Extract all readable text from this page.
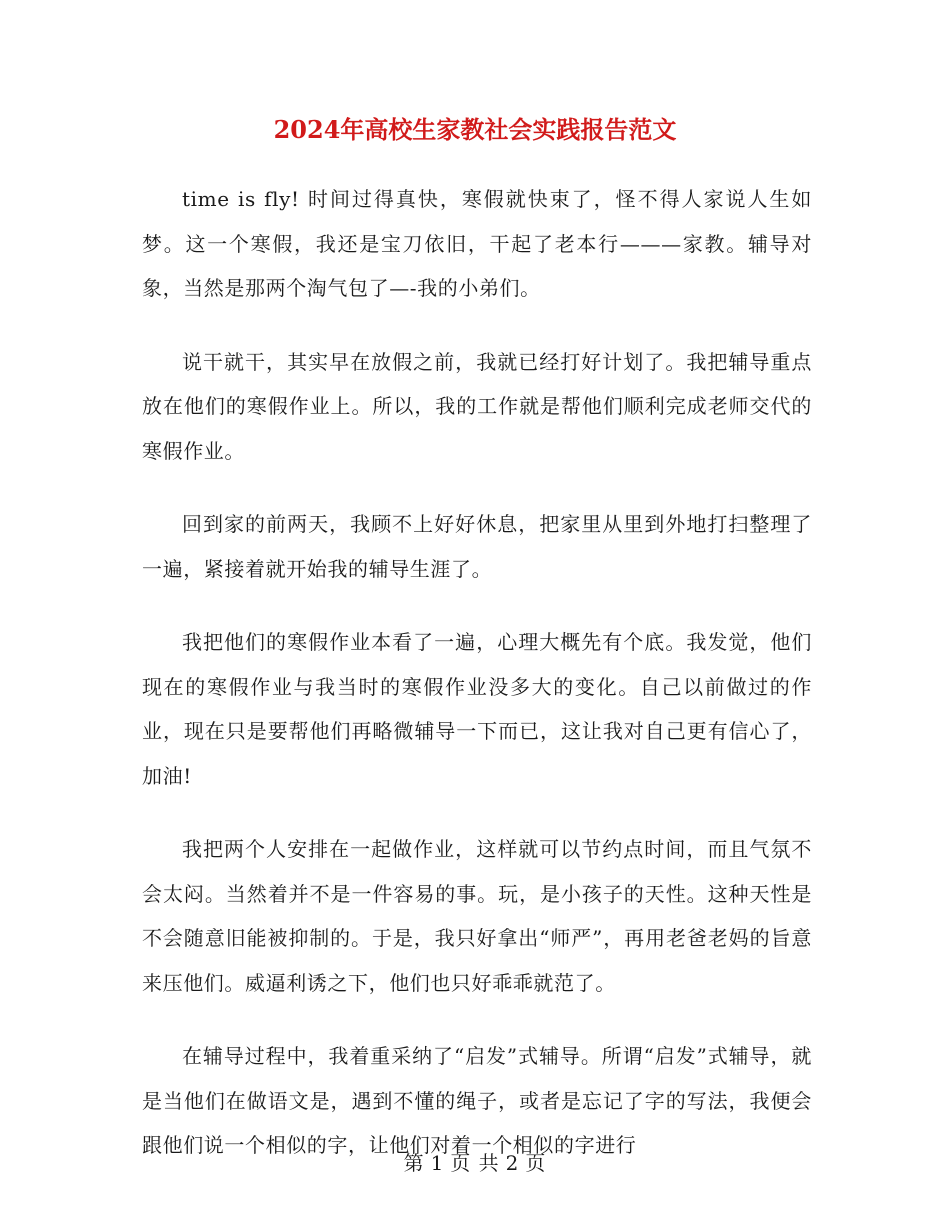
2024年高校生家教社会实践报告范文

time is fly! 时间过得真快，寒假就快束了，怪不得人家说人生如梦。这一个寒假，我还是宝刀依旧，干起了老本行———家教。辅导对象，当然是那两个淘气包了—-我的小弟们。

说干就干，其实早在放假之前，我就已经打好计划了。我把辅导重点放在他们的寒假作业上。所以，我的工作就是帮他们顺利完成老师交代的寒假作业。

回到家的前两天，我顾不上好好休息，把家里从里到外地打扫整理了一遍，紧接着就开始我的辅导生涯了。

我把他们的寒假作业本看了一遍，心理大概先有个底。我发觉，他们现在的寒假作业与我当时的寒假作业没多大的变化。自己以前做过的作业，现在只是要帮他们再略微辅导一下而已，这让我对自己更有信心了，加油!

我把两个人安排在一起做作业，这样就可以节约点时间，而且气氛不会太闷。当然着并不是一件容易的事。玩，是小孩子的天性。这种天性是不会随意旧能被抑制的。于是，我只好拿出“师严”，再用老爸老妈的旨意来压他们。威逼利诱之下，他们也只好乖乖就范了。

在辅导过程中，我着重采纳了“启发”式辅导。所谓“启发”式辅导，就是当他们在做语文是，遇到不懂的绳子，或者是忘记了字的写法，我便会跟他们说一个相似的字，让他们对着一个相似的字进行

第 1 页 共 2 页
